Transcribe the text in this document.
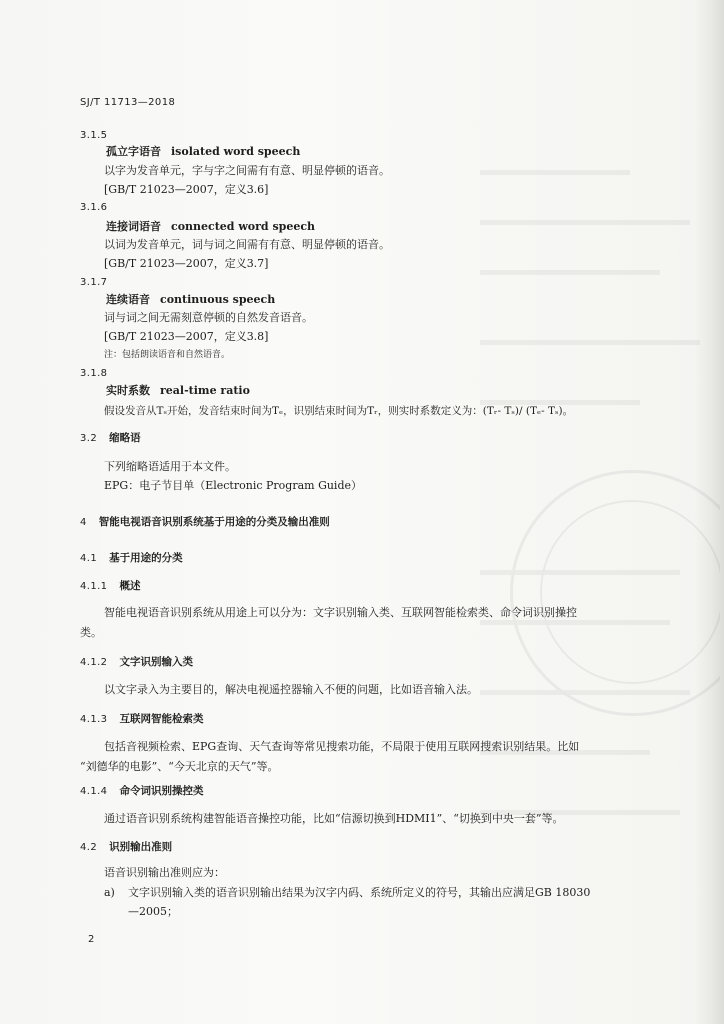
SJ/T 11713—2018
3.1.5
孤立字语音 isolated word speech
以字为发音单元，字与字之间需有有意、明显停顿的语音。
[GB/T 21023—2007，定义3.6]
3.1.6
连接词语音 connected word speech
以词为发音单元，词与词之间需有有意、明显停顿的语音。
[GB/T 21023—2007，定义3.7]
3.1.7
连续语音 continuous speech
词与词之间无需刻意停顿的自然发音语音。
[GB/T 21023—2007，定义3.8]
注：包括朗读语音和自然语音。
3.1.8
实时系数 real-time ratio
假设发音从Tₛ开始，发音结束时间为Tₑ，识别结束时间为Tᵣ，则实时系数定义为：(Tᵣ- Tₛ)/ (Tₑ- Tₛ)。
3.2 缩略语
下列缩略语适用于本文件。
EPG：电子节目单（Electronic Program Guide）
4 智能电视语音识别系统基于用途的分类及输出准则
4.1 基于用途的分类
4.1.1 概述
智能电视语音识别系统从用途上可以分为：文字识别输入类、互联网智能检索类、命令词识别操控
类。
4.1.2 文字识别输入类
以文字录入为主要目的，解决电视遥控器输入不便的问题，比如语音输入法。
4.1.3 互联网智能检索类
包括音视频检索、EPG查询、天气查询等常见搜索功能，不局限于使用互联网搜索识别结果。比如
“刘德华的电影”、“今天北京的天气”等。
4.1.4 命令词识别操控类
通过语音识别系统构建智能语音操控功能，比如“信源切换到HDMI1”、“切换到中央一套”等。
4.2 识别输出准则
语音识别输出准则应为：
a) 文字识别输入类的语音识别输出结果为汉字内码、系统所定义的符号，其输出应满足GB 18030
—2005；
2
